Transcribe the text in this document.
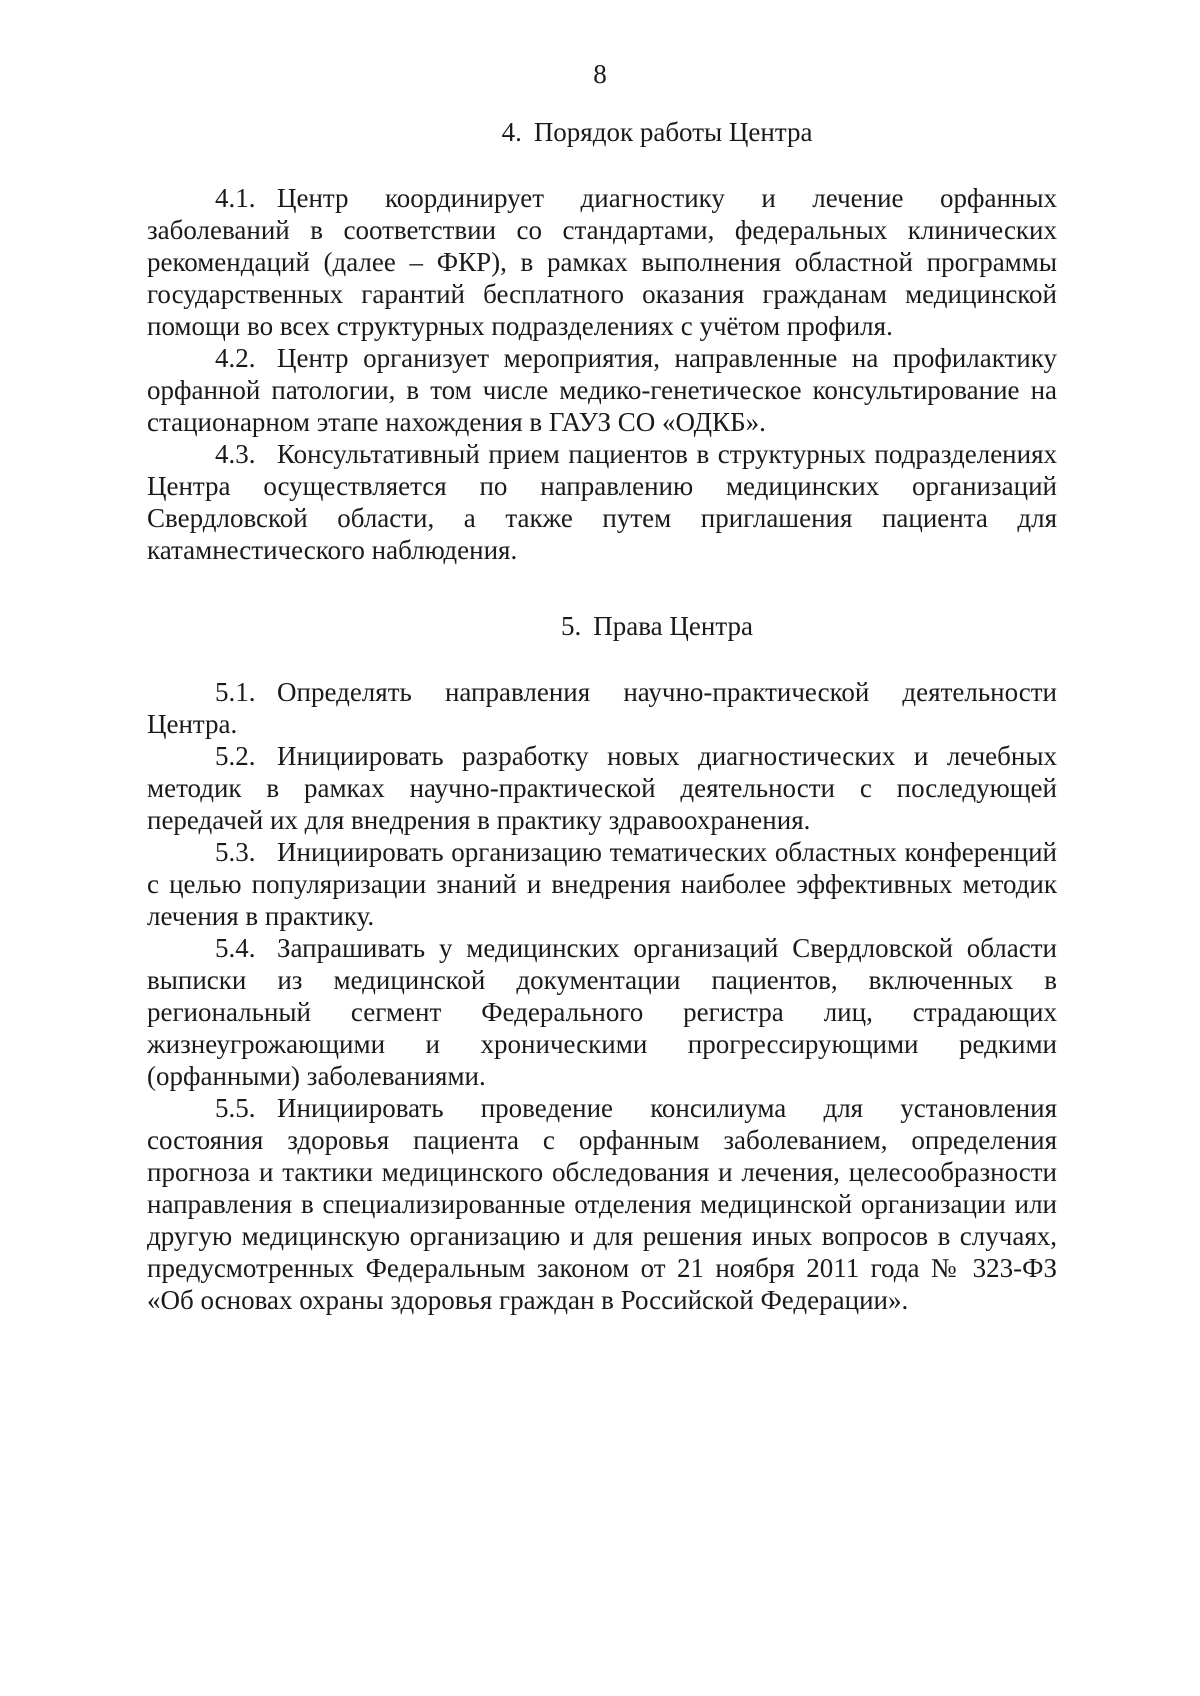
8
4. Порядок работы Центра

4.1. Центр координирует диагностику и лечение орфанных заболеваний в соответствии со стандартами, федеральных клинических рекомендаций (далее – ФКР), в рамках выполнения областной программы государственных гарантий бесплатного оказания гражданам медицинской помощи во всех структурных подразделениях с учётом профиля.

4.2. Центр организует мероприятия, направленные на профилактику орфанной патологии, в том числе медико-генетическое консультирование на стационарном этапе нахождения в ГАУЗ СО «ОДКБ».

4.3. Консультативный прием пациентов в структурных подразделениях Центра осуществляется по направлению медицинских организаций Свердловской области, а также путем приглашения пациента для катамнестического наблюдения.

5. Права Центра

5.1. Определять направления научно-практической деятельности Центра.

5.2. Инициировать разработку новых диагностических и лечебных методик в рамках научно-практической деятельности с последующей передачей их для внедрения в практику здравоохранения.

5.3. Инициировать организацию тематических областных конференций с целью популяризации знаний и внедрения наиболее эффективных методик лечения в практику.

5.4. Запрашивать у медицинских организаций Свердловской области выписки из медицинской документации пациентов, включенных в региональный сегмент Федерального регистра лиц, страдающих жизнеугрожающими и хроническими прогрессирующими редкими (орфанными) заболеваниями.

5.5. Инициировать проведение консилиума для установления состояния здоровья пациента с орфанным заболеванием, определения прогноза и тактики медицинского обследования и лечения, целесообразности направления в специализированные отделения медицинской организации или другую медицинскую организацию и для решения иных вопросов в случаях, предусмотренных Федеральным законом от 21 ноября 2011 года № 323-ФЗ «Об основах охраны здоровья граждан в Российской Федерации».
